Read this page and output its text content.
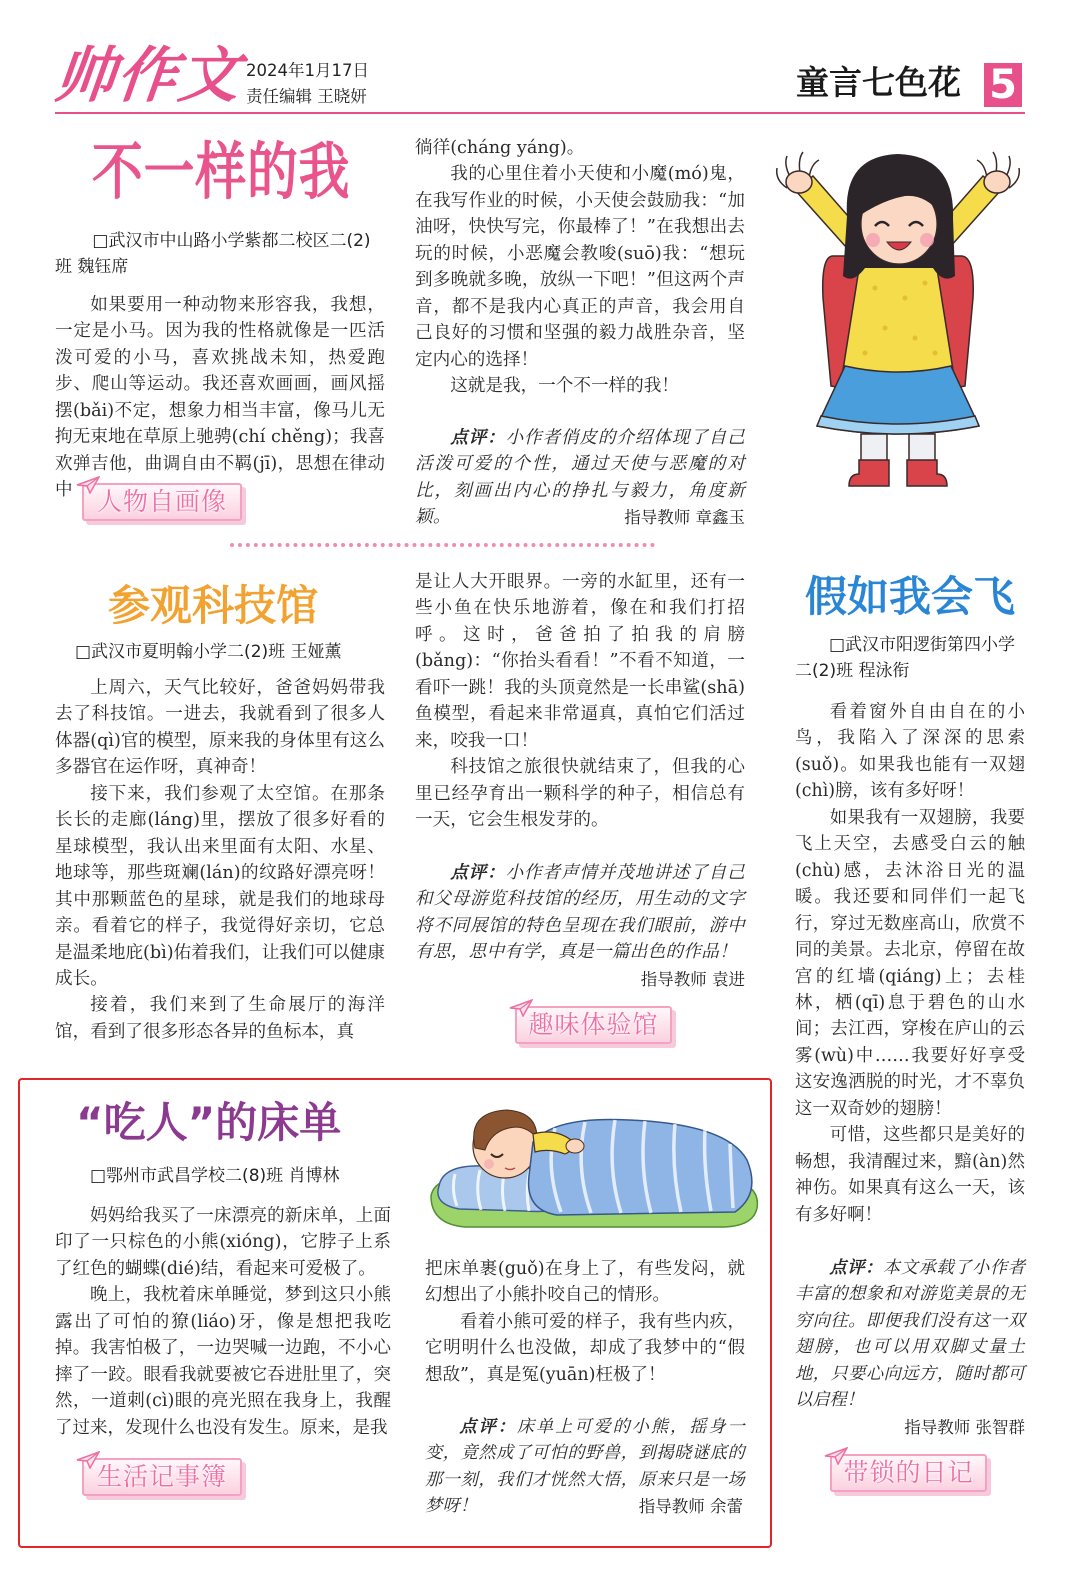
帅作文 2024年1月17日
责任编辑 王晓妍	童言七色花 5
不一样的我
□武汉市中山路小学紫都二校区二(2)班 魏钰席

如果要用一种动物来形容我，我想，一定是小马。因为我的性格就像是一匹活泼可爱的小马，喜欢挑战未知，热爱跑步、爬山等运动。我还喜欢画画，画风摇摆(bǎi)不定，想象力相当丰富，像马儿无拘无束地在草原上驰骋(chí chěng)；我喜欢弹吉他，曲调自由不羁(jī)，思想在律动中

徜徉(cháng yáng)。

我的心里住着小天使和小魔(mó)鬼，在我写作业的时候，小天使会鼓励我：“加油呀，快快写完，你最棒了！”在我想出去玩的时候，小恶魔会教唆(suō)我：“想玩到多晚就多晚，放纵一下吧！”但这两个声音，都不是我内心真正的声音，我会用自己良好的习惯和坚强的毅力战胜杂音，坚定内心的选择！

这就是我，一个不一样的我！

点评：小作者俏皮的介绍体现了自己活泼可爱的个性，通过天使与恶魔的对比，刻画出内心的挣扎与毅力，角度新颖。	指导教师 章鑫玉
人物自画像
参观科技馆
□武汉市夏明翰小学二(2)班 王娅薰

上周六，天气比较好，爸爸妈妈带我去了科技馆。一进去，我就看到了很多人体器(qì)官的模型，原来我的身体里有这么多器官在运作呀，真神奇！

接下来，我们参观了太空馆。在那条长长的走廊(láng)里，摆放了很多好看的星球模型，我认出来里面有太阳、水星、地球等，那些斑斓(lán)的纹路好漂亮呀！其中那颗蓝色的星球，就是我们的地球母亲。看着它的样子，我觉得好亲切，它总是温柔地庇(bì)佑着我们，让我们可以健康成长。

接着，我们来到了生命展厅的海洋馆，看到了很多形态各异的鱼标本，真

是让人大开眼界。一旁的水缸里，还有一些小鱼在快乐地游着，像在和我们打招呼。这时，爸爸拍了拍我的肩膀(bǎng)：“你抬头看看！”不看不知道，一看吓一跳！我的头顶竟然是一长串鲨(shā)鱼模型，看起来非常逼真，真怕它们活过来，咬我一口！

科技馆之旅很快就结束了，但我的心里已经孕育出一颗科学的种子，相信总有一天，它会生根发芽的。

点评：小作者声情并茂地讲述了自己和父母游览科技馆的经历，用生动的文字将不同展馆的特色呈现在我们眼前，游中有思，思中有学，真是一篇出色的作品！

指导教师 袁进
趣味体验馆
假如我会飞
□武汉市阳逻街第四小学二(2)班 程泳衔

看着窗外自由自在的小鸟，我陷入了深深的思索(suǒ)。如果我也能有一双翅(chì)膀，该有多好呀！

如果我有一双翅膀，我要飞上天空，去感受白云的触(chù)感，去沐浴日光的温暖。我还要和同伴们一起飞行，穿过无数座高山，欣赏不同的美景。去北京，停留在故宫的红墙(qiáng)上；去桂林，栖(qī)息于碧色的山水间；去江西，穿梭在庐山的云雾(wù)中……我要好好享受这安逸洒脱的时光，才不辜负这一双奇妙的翅膀！

可惜，这些都只是美好的畅想，我清醒过来，黯(àn)然神伤。如果真有这么一天，该有多好啊！

点评：本文承载了小作者丰富的想象和对游览美景的无穷向往。即便我们没有这一双翅膀，也可以用双脚丈量土地，只要心向远方，随时都可以启程！

指导教师 张智群
带锁的日记
“吃人”的床单
□鄂州市武昌学校二(8)班 肖博林

妈妈给我买了一床漂亮的新床单，上面印了一只棕色的小熊(xióng)，它脖子上系了红色的蝴蝶(dié)结，看起来可爱极了。

晚上，我枕着床单睡觉，梦到这只小熊露出了可怕的獠(liáo)牙，像是想把我吃掉。我害怕极了，一边哭喊一边跑，不小心摔了一跤。眼看我就要被它吞进肚里了，突然，一道刺(cì)眼的亮光照在我身上，我醒了过来，发现什么也没有发生。原来，是我

生活记事簿

把床单裹(guǒ)在身上了，有些发闷，就幻想出了小熊扑咬自己的情形。

看着小熊可爱的样子，我有些内疚，它明明什么也没做，却成了我梦中的“假想敌”，真是冤(yuān)枉极了！

点评：床单上可爱的小熊，摇身一变，竟然成了可怕的野兽，到揭晓谜底的那一刻，我们才恍然大悟，原来只是一场梦呀！	指导教师 余蕾
